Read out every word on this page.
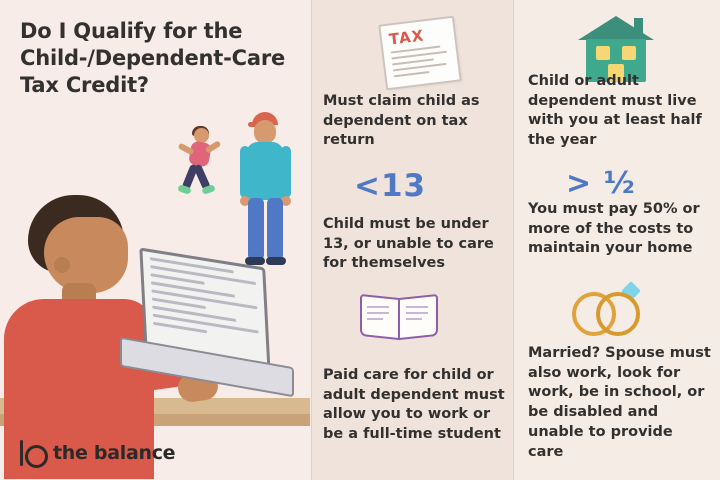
Do I Qualify for the Child-/Dependent-Care Tax Credit?
the balance
TAX
Must claim child as dependent on tax return
<13
Child must be under 13, or unable to care for themselves
Paid care for child or adult dependent must allow you to work or be a full-time student
Child or adult dependent must live with you at least half the year
> ½
You must pay 50% or more of the costs to maintain your home
Married? Spouse must also work, look for work, be in school, or be disabled and unable to provide care
